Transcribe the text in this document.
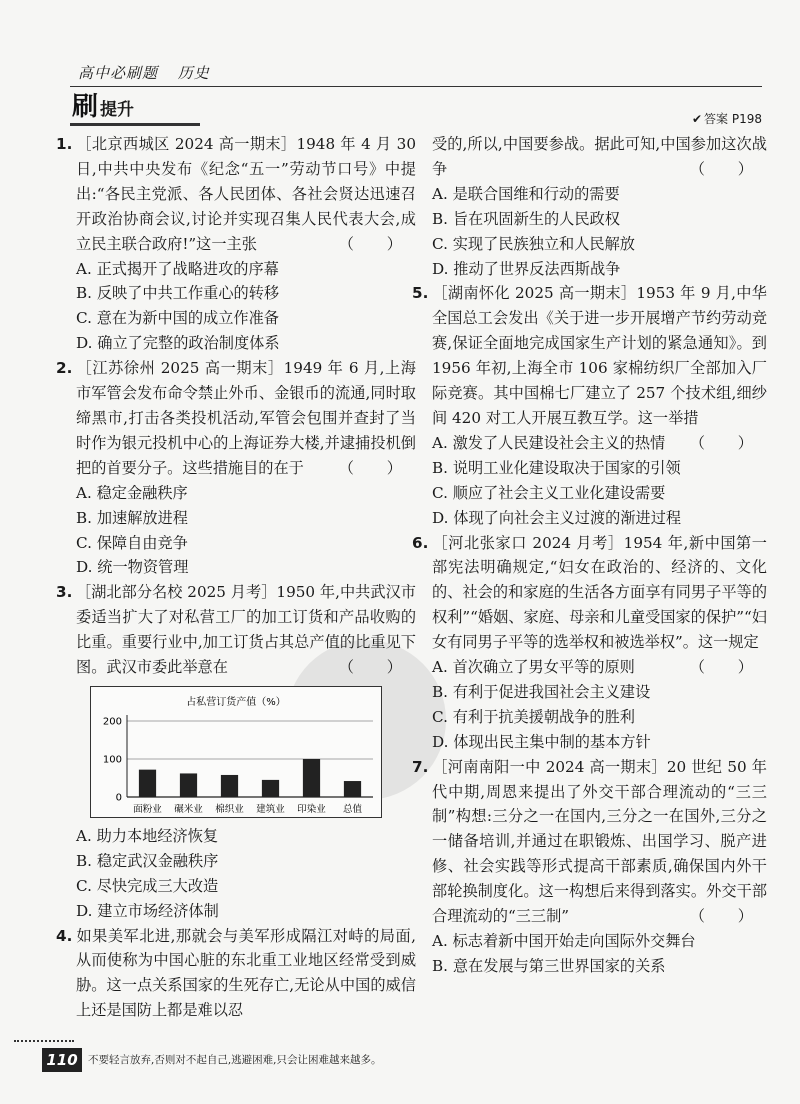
高中必刷题 历史
刷 提升	✔ 答案 P198

1. ［北京西城区 2024 高一期末］1948 年 4 月 30 日,中共中央发布《纪念“五一”劳动节口号》中提出:“各民主党派、各人民团体、各社会贤达迅速召开政治协商会议,讨论并实现召集人民代表大会,成立民主联合政府!”这一主张	（ ）

A. 正式揭开了战略进攻的序幕

B. 反映了中共工作重心的转移

C. 意在为新中国的成立作准备

D. 确立了完整的政治制度体系

2. ［江苏徐州 2025 高一期末］1949 年 6 月,上海市军管会发布命令禁止外币、金银币的流通,同时取缔黑市,打击各类投机活动,军管会包围并查封了当时作为银元投机中心的上海证券大楼,并逮捕投机倒把的首要分子。这些措施目的在于 （ ）

A. 稳定金融秩序

B. 加速解放进程

C. 保障自由竞争

D. 统一物资管理

3. ［湖北部分名校 2025 月考］1950 年,中共武汉市委适当扩大了对私营工厂的加工订货和产品收购的比重。重要行业中,加工订货占其总产值的比重见下图。武汉市委此举意在	（ ）

占私营订货产值（%）
0
100
200
面粉业 碾米业 棉织业 建筑业 印染业 总值

A. 助力本地经济恢复

B. 稳定武汉金融秩序

C. 尽快完成三大改造

D. 建立市场经济体制

4. 如果美军北进,那就会与美军形成隔江对峙的局面,从而使称为中国心脏的东北重工业地区经常受到威胁。这一点关系国家的生死存亡,无论从中国的威信上还是国防上都是难以忍

受的,所以,中国要参战。据此可知,中国参加这次战争	（ ）

A. 是联合国维和行动的需要

B. 旨在巩固新生的人民政权

C. 实现了民族独立和人民解放

D. 推动了世界反法西斯战争

5. ［湖南怀化 2025 高一期末］1953 年 9 月,中华全国总工会发出《关于进一步开展增产节约劳动竞赛,保证全面地完成国家生产计划的紧急通知》。到 1956 年初,上海全市 106 家棉纺织厂全部加入厂际竞赛。其中国棉七厂建立了 257 个技术组,细纱间 420 对工人开展互教互学。这一举措
（ ）

A. 激发了人民建设社会主义的热情

B. 说明工业化建设取决于国家的引领

C. 顺应了社会主义工业化建设需要

D. 体现了向社会主义过渡的渐进过程

6. ［河北张家口 2024 月考］1954 年,新中国第一部宪法明确规定,“妇女在政治的、经济的、文化的、社会的和家庭的生活各方面享有同男子平等的权利”“婚姻、家庭、母亲和儿童受国家的保护”“妇女有同男子平等的选举权和被选举权”。这一规定
（ ）

A. 首次确立了男女平等的原则

B. 有利于促进我国社会主义建设

C. 有利于抗美援朝战争的胜利

D. 体现出民主集中制的基本方针

7. ［河南南阳一中 2024 高一期末］20 世纪 50 年代中期,周恩来提出了外交干部合理流动的“三三制”构想:三分之一在国内,三分之一在国外,三分之一储备培训,并通过在职锻炼、出国学习、脱产进修、社会实践等形式提高干部素质,确保国内外干部轮换制度化。这一构想后来得到落实。外交干部合理流动的“三三制”	（ ）

A. 标志着新中国开始走向国际外交舞台

B. 意在发展与第三世界国家的关系

110 不要轻言放弃,否则对不起自己,逃避困难,只会让困难越来越多。
